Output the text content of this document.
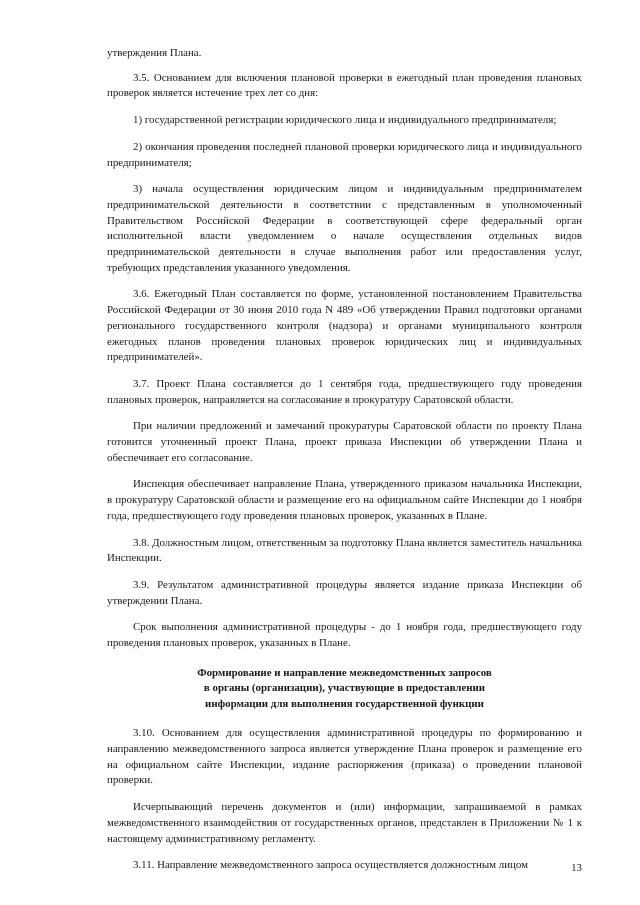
утверждения Плана.

3.5. Основанием для включения плановой проверки в ежегодный план проведения плановых проверок является истечение трех лет со дня:

1) государственной регистрации юридического лица и индивидуального предпринимателя;

2) окончания проведения последней плановой проверки юридического лица и индивидуального предпринимателя;

3) начала осуществления юридическим лицом и индивидуальным предпринимателем предпринимательской деятельности в соответствии с представленным в уполномоченный Правительством Российской Федерации в соответствующей сфере федеральный орган исполнительной власти уведомлением о начале осуществления отдельных видов предпринимательской деятельности в случае выполнения работ или предоставления услуг, требующих представления указанного уведомления.

3.6. Ежегодный План составляется по форме, установленной постановлением Правительства Российской Федерации от 30 июня 2010 года N 489 «Об утверждении Правил подготовки органами регионального государственного контроля (надзора) и органами муниципального контроля ежегодных планов проведения плановых проверок юридических лиц и индивидуальных предпринимателей».

3.7. Проект Плана составляется до 1 сентября года, предшествующего году проведения плановых проверок, направляется на согласование в прокуратуру Саратовской области.

При наличии предложений и замечаний прокуратуры Саратовской области по проекту Плана готовится уточненный проект Плана, проект приказа Инспекции об утверждении Плана и обеспечивает его согласование.

Инспекция обеспечивает направление Плана, утвержденного приказом начальника Инспекции, в прокуратуру Саратовской области и размещение его на официальном сайте Инспекции до 1 ноября года, предшествующего году проведения плановых проверок, указанных в Плане.

3.8. Должностным лицом, ответственным за подготовку Плана является заместитель начальника Инспекции.

3.9. Результатом административной процедуры является издание приказа Инспекции об утверждении Плана.

Срок выполнения административной процедуры - до 1 ноября года, предшествующего году проведения плановых проверок, указанных в Плане.

Формирование и направление межведомственных запросов
в органы (организации), участвующие в предоставлении
информации для выполнения государственной функции

3.10. Основанием для осуществления административной процедуры по формированию и направлению межведомственного запроса является утверждение Плана проверок и размещение его на официальном сайте Инспекции, издание распоряжения (приказа) о проведении плановой проверки.

Исчерпывающий перечень документов и (или) информации, запрашиваемой в рамках межведомственного взаимодействия от государственных органов, представлен в Приложении № 1 к настоящему административному регламенту.

3.11. Направление межведомственного запроса осуществляется должностным лицом	13
